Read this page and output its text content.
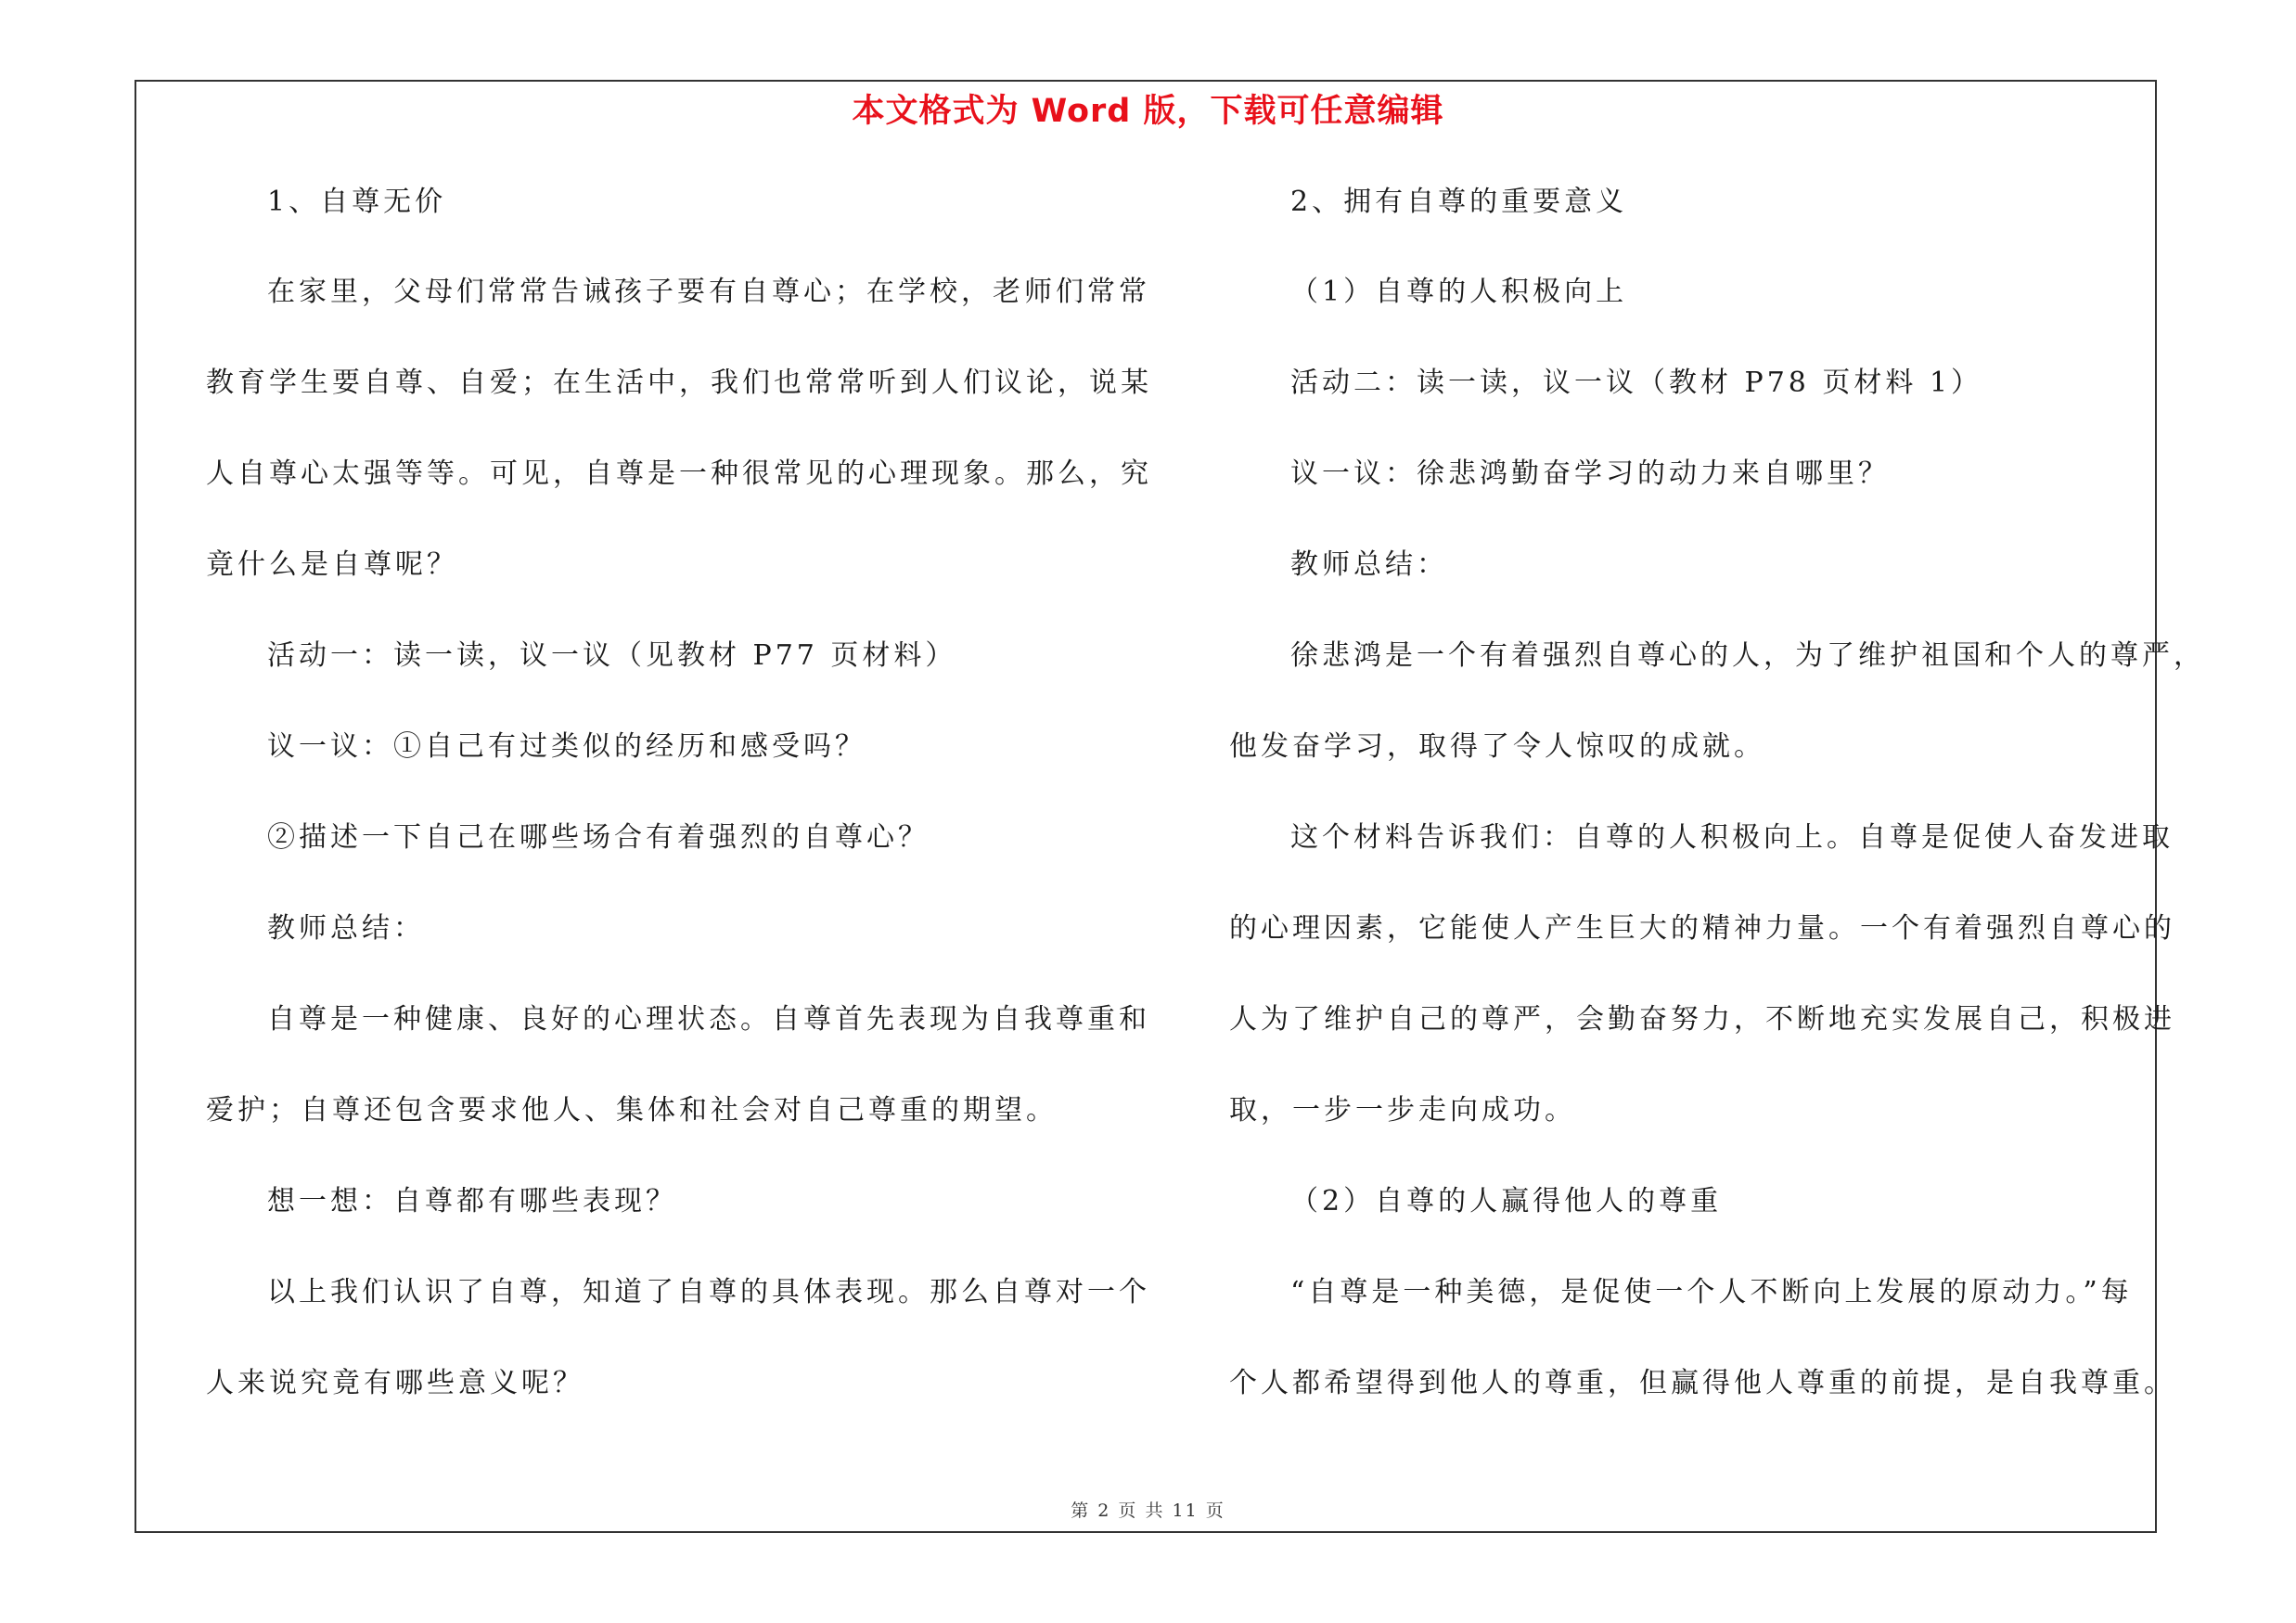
本文格式为 Word 版，下载可任意编辑
1、自尊无价
在家里，父母们常常告诫孩子要有自尊心；在学校，老师们常常
教育学生要自尊、自爱；在生活中，我们也常常听到人们议论，说某
人自尊心太强等等。可见，自尊是一种很常见的心理现象。那么，究
竟什么是自尊呢？
活动一：读一读，议一议（见教材 P77 页材料）
议一议：①自己有过类似的经历和感受吗？
②描述一下自己在哪些场合有着强烈的自尊心？
教师总结：
自尊是一种健康、良好的心理状态。自尊首先表现为自我尊重和
爱护；自尊还包含要求他人、集体和社会对自己尊重的期望。
想一想：自尊都有哪些表现？
以上我们认识了自尊，知道了自尊的具体表现。那么自尊对一个
人来说究竟有哪些意义呢？
2、拥有自尊的重要意义
（1）自尊的人积极向上
活动二：读一读，议一议（教材 P78 页材料 1）
议一议：徐悲鸿勤奋学习的动力来自哪里？
教师总结：
徐悲鸿是一个有着强烈自尊心的人，为了维护祖国和个人的尊严，
他发奋学习，取得了令人惊叹的成就。
这个材料告诉我们：自尊的人积极向上。自尊是促使人奋发进取
的心理因素，它能使人产生巨大的精神力量。一个有着强烈自尊心的
人为了维护自己的尊严，会勤奋努力，不断地充实发展自己，积极进
取，一步一步走向成功。
（2）自尊的人赢得他人的尊重
“自尊是一种美德，是促使一个人不断向上发展的原动力。”每
个人都希望得到他人的尊重，但赢得他人尊重的前提，是自我尊重。
第 2 页 共 11 页
